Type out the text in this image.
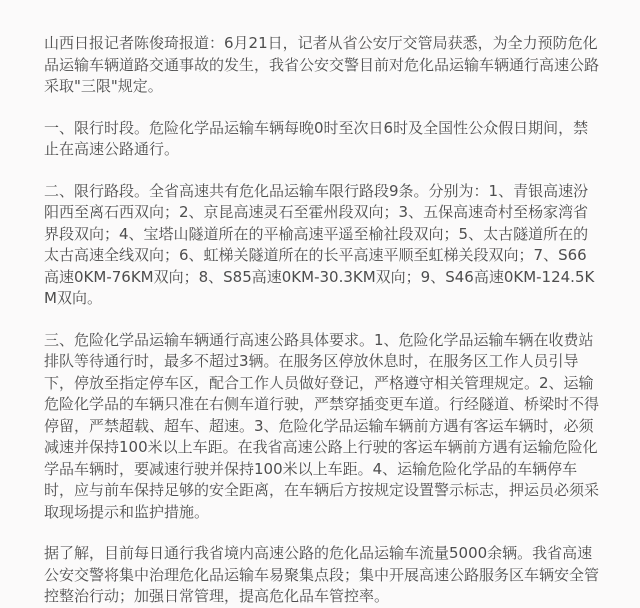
山西日报记者陈俊琦报道：6月21日，记者从省公安厅交管局获悉，为全力预防危化品运输车辆道路交通事故的发生，我省公安交警目前对危化品运输车辆通行高速公路采取"三限"规定。

一、限行时段。危险化学品运输车辆每晚0时至次日6时及全国性公众假日期间，禁止在高速公路通行。

二、限行路段。全省高速共有危化品运输车限行路段9条。分别为：1、青银高速汾阳西至离石西双向；2、京昆高速灵石至霍州段双向；3、五保高速奇村至杨家湾省界段双向；4、宝塔山隧道所在的平榆高速平遥至榆社段双向；5、太古隧道所在的太古高速全线双向；6、虹梯关隧道所在的长平高速平顺至虹梯关段双向；7、S66高速0KM-76KM双向；8、S85高速0KM-30.3KM双向；9、S46高速0KM-124.5KM双向。

三、危险化学品运输车辆通行高速公路具体要求。1、危险化学品运输车辆在收费站排队等待通行时，最多不超过3辆。在服务区停放休息时，在服务区工作人员引导下，停放至指定停车区，配合工作人员做好登记，严格遵守相关管理规定。2、运输危险化学品的车辆只准在右侧车道行驶，严禁穿插变更车道。行经隧道、桥梁时不得停留，严禁超载、超车、超速。3、危险化学品运输车辆前方遇有客运车辆时，必须减速并保持100米以上车距。在我省高速公路上行驶的客运车辆前方遇有运输危险化学品车辆时，要减速行驶并保持100米以上车距。4、运输危险化学品的车辆停车时，应与前车保持足够的安全距离，在车辆后方按规定设置警示标志，押运员必须采取现场提示和监护措施。

据了解，目前每日通行我省境内高速公路的危化品运输车流量5000余辆。我省高速公安交警将集中治理危化品运输车易聚集点段；集中开展高速公路服务区车辆安全管控整治行动；加强日常管理，提高危化品车管控率。
